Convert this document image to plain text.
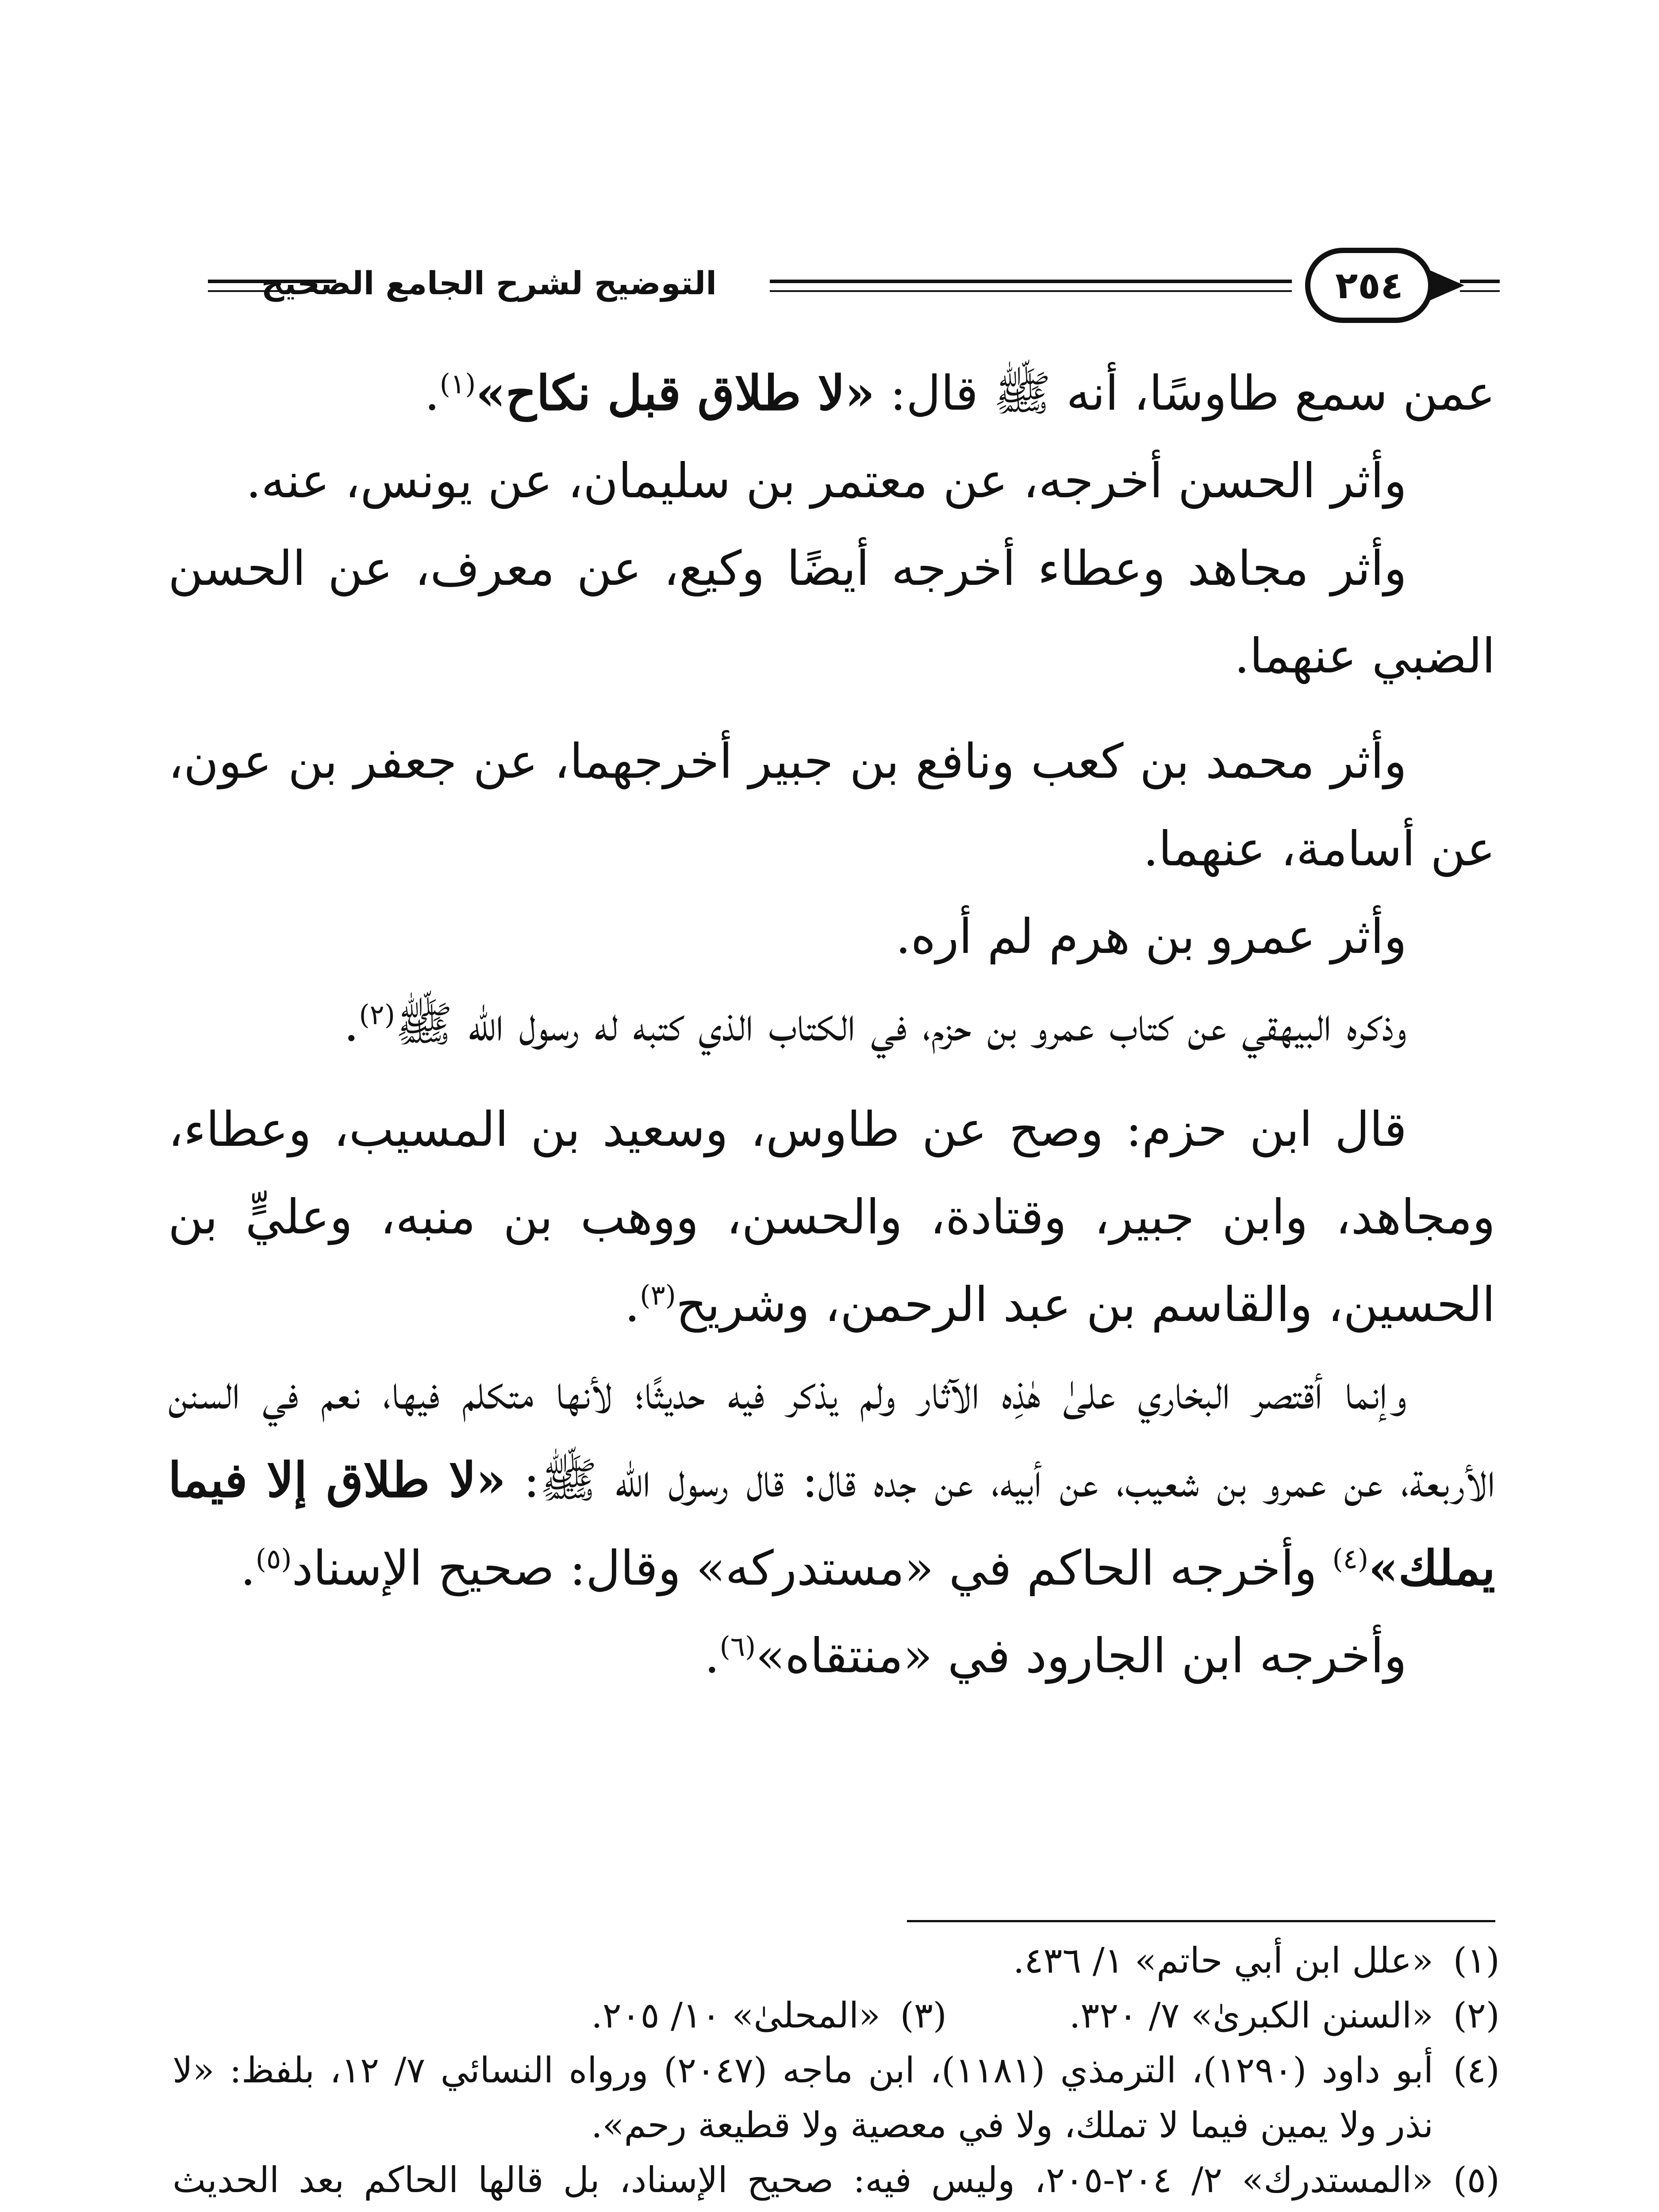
٢٥٤
التوضيح لشرح الجامع الصحيح

عمن سمع طاوسًا، أنه ﷺ قال: «لا طلاق قبل نكاح»$^{(١)}$.

وأثر الحسن أخرجه، عن معتمر بن سليمان، عن يونس، عنه.

وأثر مجاهد وعطاء أخرجه أيضًا وكيع، عن معرف، عن الحسن الضبي عنهما.

وأثر محمد بن كعب ونافع بن جبير أخرجهما، عن جعفر بن عون، عن أسامة، عنهما.

وأثر عمرو بن هرم لم أره.

وذكره البيهقي عن كتاب عمرو بن حزم، في الكتاب الذي كتبه له رسول الله ﷺ$^{(٢)}$.

قال ابن حزم: وصح عن طاوس، وسعيد بن المسيب، وعطاء، ومجاهد، وابن جبير، وقتادة، والحسن، ووهب بن منبه، وعليٍّ بن الحسين، والقاسم بن عبد الرحمن، وشريح$^{(٣)}$.

وإنما أقتصر البخاري علىٰ هٰذِه الآثار ولم يذكر فيه حديثًا؛ لأنها متكلم فيها، نعم في السنن الأربعة، عن عمرو بن شعيب، عن أبيه، عن جده قال: قال رسول الله ﷺ: «لا طلاق إلا فيما يملك»$^{(٤)}$ وأخرجه الحاكم في «مستدركه» وقال: صحيح الإسناد$^{(٥)}$.

وأخرجه ابن الجارود في «منتقاه»$^{(٦)}$.

(١)
«علل ابن أبي حاتم» ١/ ٤٣٦.
(٢)
«السنن الكبرىٰ» ٧/ ٣٢٠.
(٣)
«المحلىٰ» ١٠/ ٢٠٥.
(٤)
أبو داود (١٢٩٠)، الترمذي (١١٨١)، ابن ماجه (٢٠٤٧) ورواه النسائي ٧/ ١٢، بلفظ: «لا نذر ولا يمين فيما لا تملك، ولا في معصية ولا قطيعة رحم».
(٥)
«المستدرك» ٢/ ٢٠٤-٢٠٥، وليس فيه: صحيح الإسناد، بل قالها الحاكم بعد الحديث
